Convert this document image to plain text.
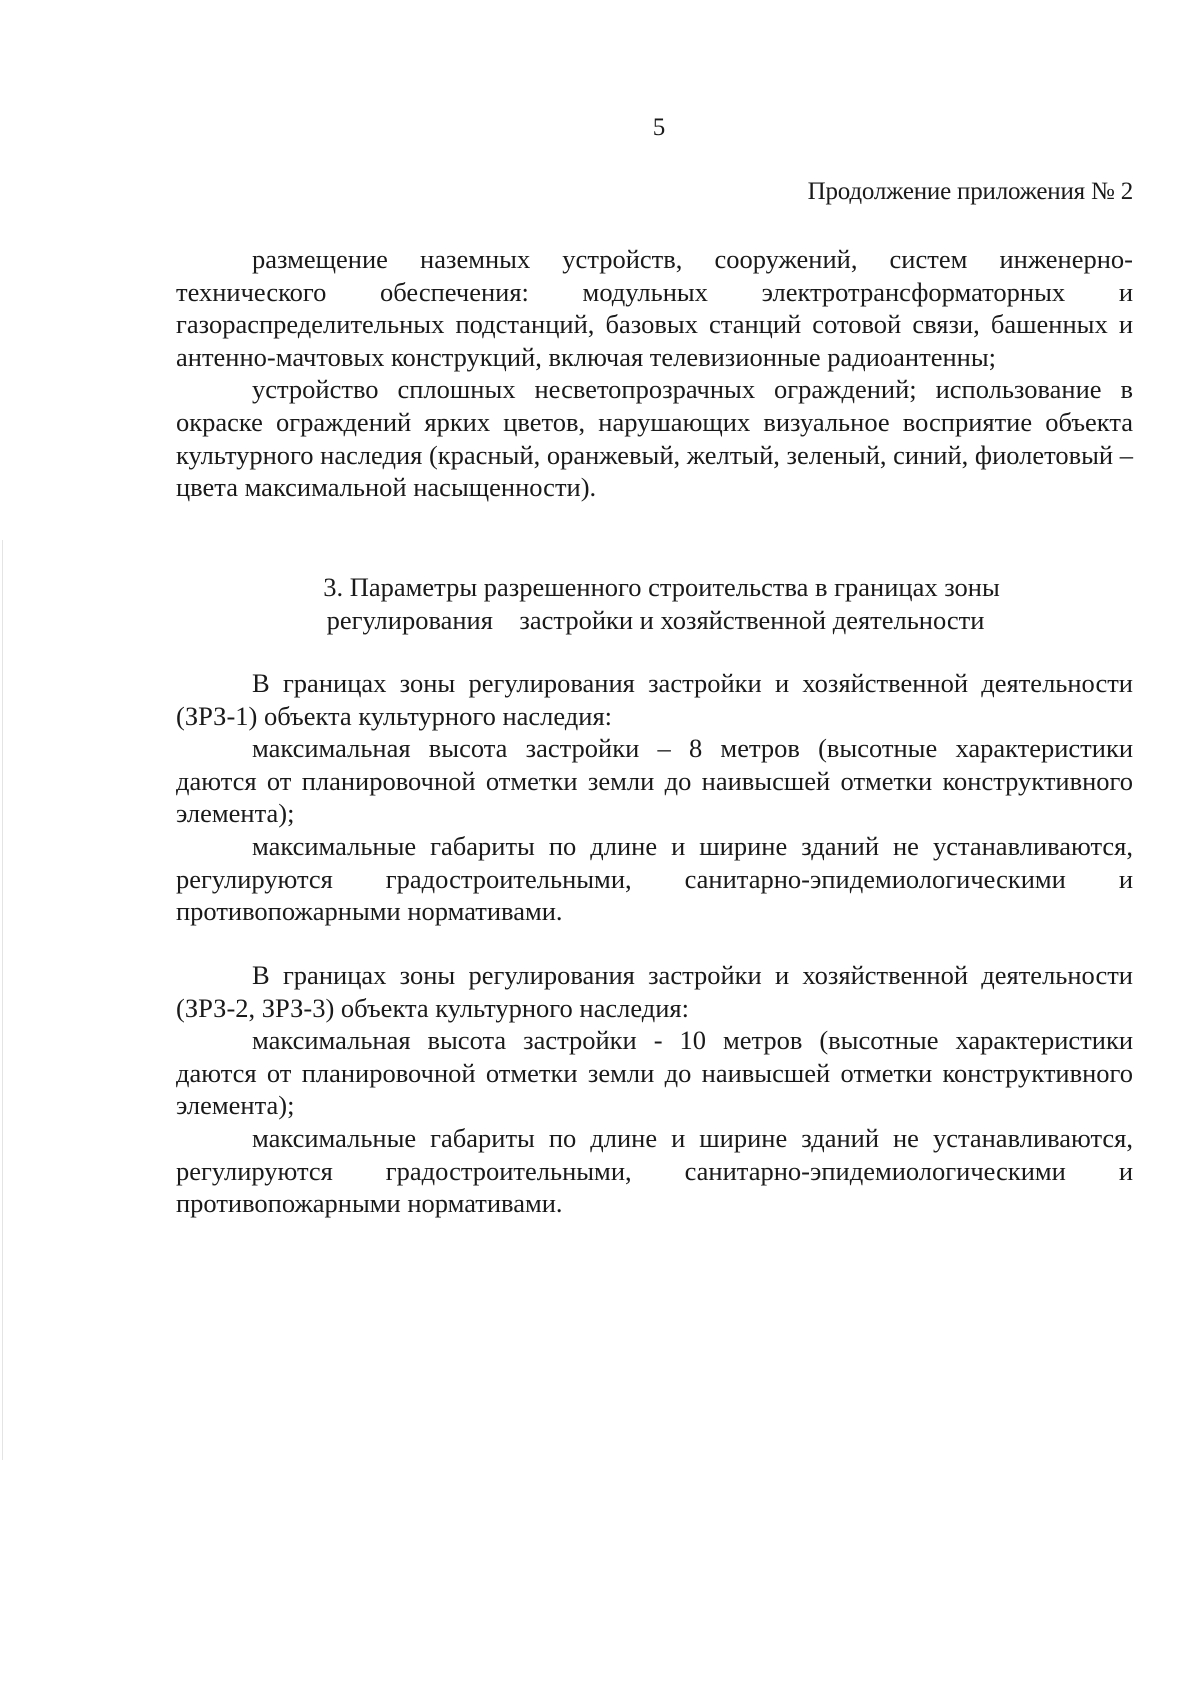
5
Продолжение приложения № 2

размещение наземных устройств, сооружений, систем инженерно-технического обеспечения: модульных электротрансформаторных и газораспределительных подстанций, базовых станций сотовой связи, башенных и антенно-мачтовых конструкций, включая телевизионные радиоантенны;

устройство сплошных несветопрозрачных ограждений; использование в окраске ограждений ярких цветов, нарушающих визуальное восприятие объекта культурного наследия (красный, оранжевый, желтый, зеленый, синий, фиолетовый – цвета максимальной насыщенности).

3. Параметры разрешенного строительства в границах зоны
регулирования    застройки и хозяйственной деятельности

В границах зоны регулирования застройки и хозяйственной деятельности (ЗРЗ-1) объекта культурного наследия:

максимальная высота застройки – 8 метров (высотные характеристики даются от планировочной отметки земли до наивысшей отметки конструктивного элемента);

максимальные габариты по длине и ширине зданий не устанавливаются, регулируются градостроительными, санитарно-эпидемиологическими и противопожарными нормативами.

В границах зоны регулирования застройки и хозяйственной деятельности (ЗРЗ-2, ЗРЗ-3) объекта культурного наследия:

максимальная высота застройки - 10 метров (высотные характеристики даются от планировочной отметки земли до наивысшей отметки конструктивного элемента);

максимальные габариты по длине и ширине зданий не устанавливаются, регулируются градостроительными, санитарно-эпидемиологическими и противопожарными нормативами.
